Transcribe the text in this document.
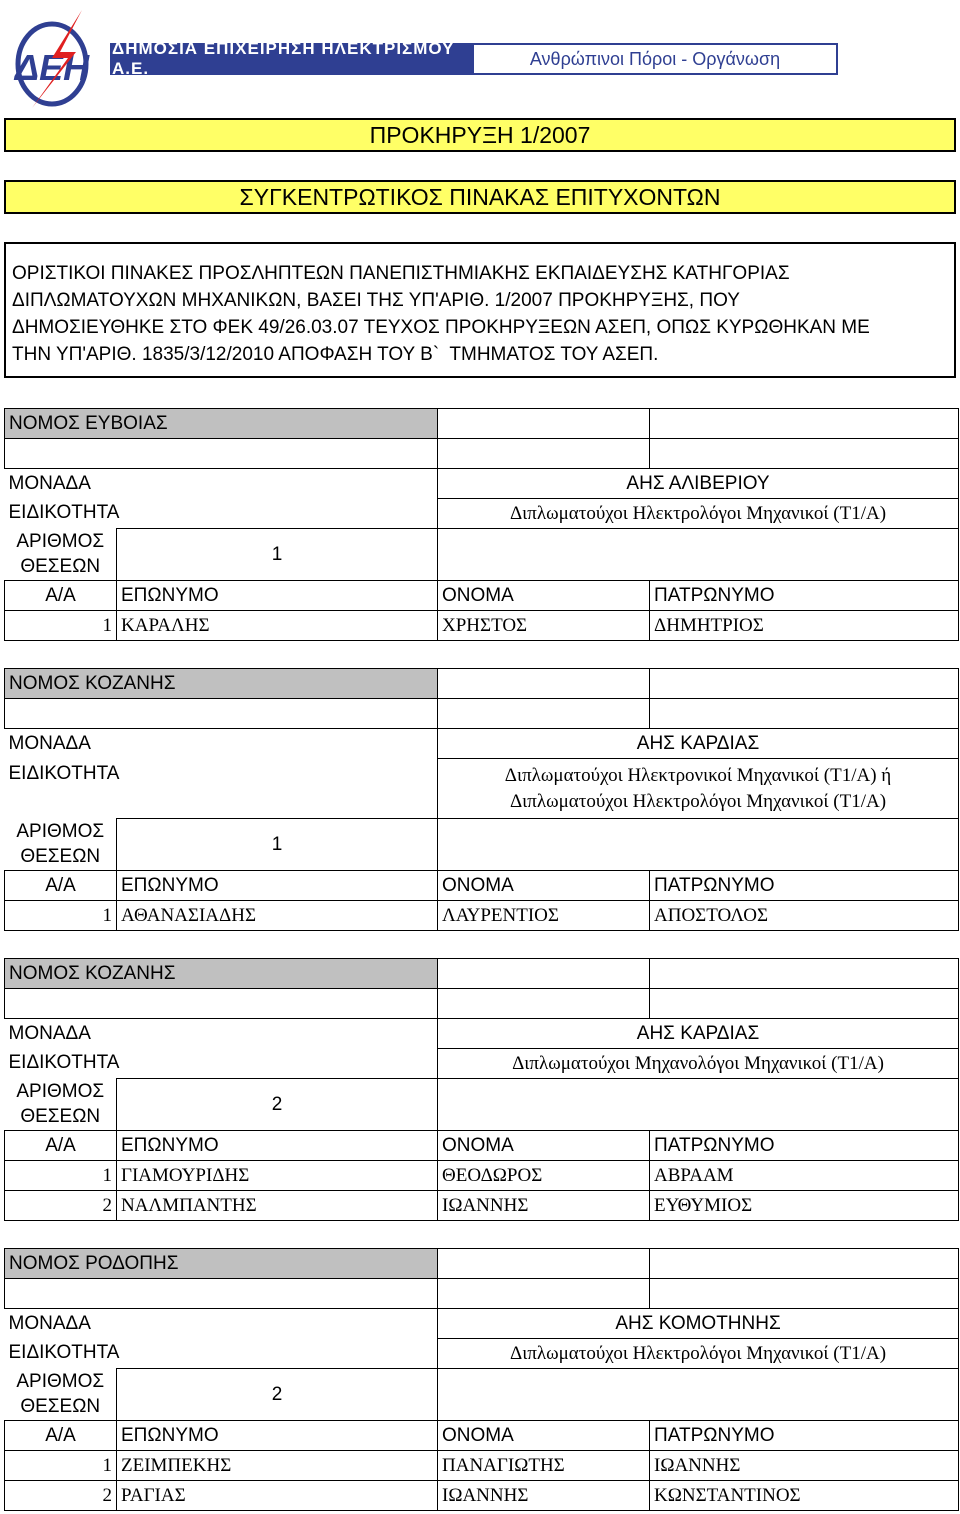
ΔΕΗ ΔΗΜΟΣΙΑ ΕΠΙΧΕΙΡΗΣΗ ΗΛΕΚΤΡΙΣΜΟΥ Α.Ε.	Ανθρώπινοι Πόροι - Οργάνωση
ΠΡΟΚΗΡΥΞΗ 1/2007
ΣΥΓΚΕΝΤΡΩΤΙΚΟΣ ΠΙΝΑΚΑΣ ΕΠΙΤΥΧΟΝΤΩΝ
ΟΡΙΣΤΙΚΟΙ ΠΙΝΑΚΕΣ ΠΡΟΣΛΗΠΤΕΩΝ ΠΑΝΕΠΙΣΤΗΜΙΑΚΗΣ ΕΚΠΑΙΔΕΥΣΗΣ ΚΑΤΗΓΟΡΙΑΣ
ΔΙΠΛΩΜΑΤΟΥΧΩΝ ΜΗΧΑΝΙΚΩΝ, ΒΑΣΕΙ ΤΗΣ ΥΠ'ΑΡΙΘ. 1/2007 ΠΡΟΚΗΡΥΞΗΣ, ΠΟΥ
ΔΗΜΟΣΙΕΥΘΗΚΕ ΣΤΟ ΦΕΚ 49/26.03.07 ΤΕΥΧΟΣ ΠΡΟΚΗΡΥΞΕΩΝ ΑΣΕΠ, ΟΠΩΣ ΚΥΡΩΘΗΚΑΝ ΜΕ
ΤΗΝ ΥΠ'ΑΡΙΘ. 1835/3/12/2010 ΑΠΟΦΑΣΗ ΤΟΥ Β`  ΤΜΗΜΑΤΟΣ ΤΟΥ ΑΣΕΠ.
ΝΟΜΟΣ ΕΥΒΟΙΑΣ			

ΜΟΝΑΔΑ		ΑΗΣ ΑΛΙΒΕΡΙΟΥ	
ΕΙΔΙΚΟΤΗΤΑ		Διπλωματούχοι Ηλεκτρολόγοι Μηχανικοί (Τ1/Α)	
ΑΡΙΘΜΟΣ
ΘΕΣΕΩΝ	1		
Α/Α	ΕΠΩΝΥΜΟ	ΟΝΟΜΑ	ΠΑΤΡΩΝΥΜΟ
1	ΚΑΡΑΛΗΣ	ΧΡΗΣΤΟΣ	ΔΗΜΗΤΡΙΟΣ
ΝΟΜΟΣ ΚΟΖΑΝΗΣ			

ΜΟΝΑΔΑ		ΑΗΣ ΚΑΡΔΙΑΣ	
ΕΙΔΙΚΟΤΗΤΑ		Διπλωματούχοι Ηλεκτρονικοί Μηχανικοί (Τ1/Α) ή
Διπλωματούχοι Ηλεκτρολόγοι Μηχανικοί (Τ1/Α)	
ΑΡΙΘΜΟΣ
ΘΕΣΕΩΝ	1		
Α/Α	ΕΠΩΝΥΜΟ	ΟΝΟΜΑ	ΠΑΤΡΩΝΥΜΟ
1	ΑΘΑΝΑΣΙΑΔΗΣ	ΛΑΥΡΕΝΤΙΟΣ	ΑΠΟΣΤΟΛΟΣ
ΝΟΜΟΣ ΚΟΖΑΝΗΣ			

ΜΟΝΑΔΑ		ΑΗΣ ΚΑΡΔΙΑΣ	
ΕΙΔΙΚΟΤΗΤΑ		Διπλωματούχοι Μηχανολόγοι Μηχανικοί (Τ1/Α)	
ΑΡΙΘΜΟΣ
ΘΕΣΕΩΝ	2		
Α/Α	ΕΠΩΝΥΜΟ	ΟΝΟΜΑ	ΠΑΤΡΩΝΥΜΟ
1	ΓΙΑΜΟΥΡΙΔΗΣ	ΘΕΟΔΩΡΟΣ	ΑΒΡΑΑΜ
2	ΝΑΛΜΠΑΝΤΗΣ	ΙΩΑΝΝΗΣ	ΕΥΘΥΜΙΟΣ
ΝΟΜΟΣ ΡΟΔΟΠΗΣ			

ΜΟΝΑΔΑ		ΑΗΣ ΚΟΜΟΤΗΝΗΣ	
ΕΙΔΙΚΟΤΗΤΑ		Διπλωματούχοι Ηλεκτρολόγοι Μηχανικοί (Τ1/Α)	
ΑΡΙΘΜΟΣ
ΘΕΣΕΩΝ	2		
Α/Α	ΕΠΩΝΥΜΟ	ΟΝΟΜΑ	ΠΑΤΡΩΝΥΜΟ
1	ΖΕΙΜΠΕΚΗΣ	ΠΑΝΑΓΙΩΤΗΣ	ΙΩΑΝΝΗΣ
2	ΡΑΓΙΑΣ	ΙΩΑΝΝΗΣ	ΚΩΝΣΤΑΝΤΙΝΟΣ
